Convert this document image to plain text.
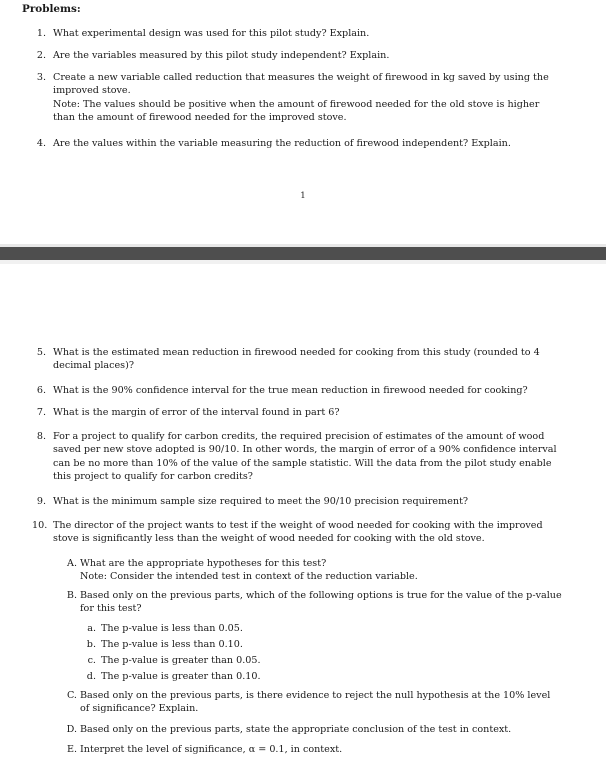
Problems:
1. What experimental design was used for this pilot study? Explain.
2. Are the variables measured by this pilot study independent? Explain.
3. Create a new variable called reduction that measures the weight of firewood in kg saved by using the
improved stove.
Note: The values should be positive when the amount of firewood needed for the old stove is higher
than the amount of firewood needed for the improved stove.
4. Are the values within the variable measuring the reduction of firewood independent? Explain.
1
5. What is the estimated mean reduction in firewood needed for cooking from this study (rounded to 4
decimal places)?
6. What is the 90% confidence interval for the true mean reduction in firewood needed for cooking?
7. What is the margin of error of the interval found in part 6?
8. For a project to qualify for carbon credits, the required precision of estimates of the amount of wood
saved per new stove adopted is 90/10. In other words, the margin of error of a 90% confidence interval
can be no more than 10% of the value of the sample statistic. Will the data from the pilot study enable
this project to qualify for carbon credits?
9. What is the minimum sample size required to meet the 90/10 precision requirement?
10. The director of the project wants to test if the weight of wood needed for cooking with the improved
stove is significantly less than the weight of wood needed for cooking with the old stove.
A. What are the appropriate hypotheses for this test?
Note: Consider the intended test in context of the reduction variable.
B. Based only on the previous parts, which of the following options is true for the value of the p-value
for this test?
a. The p-value is less than 0.05.
b. The p-value is less than 0.10.
c. The p-value is greater than 0.05.
d. The p-value is greater than 0.10.
C. Based only on the previous parts, is there evidence to reject the null hypothesis at the 10% level
of significance? Explain.
D. Based only on the previous parts, state the appropriate conclusion of the test in context.
E. Interpret the level of significance, α = 0.1, in context.
